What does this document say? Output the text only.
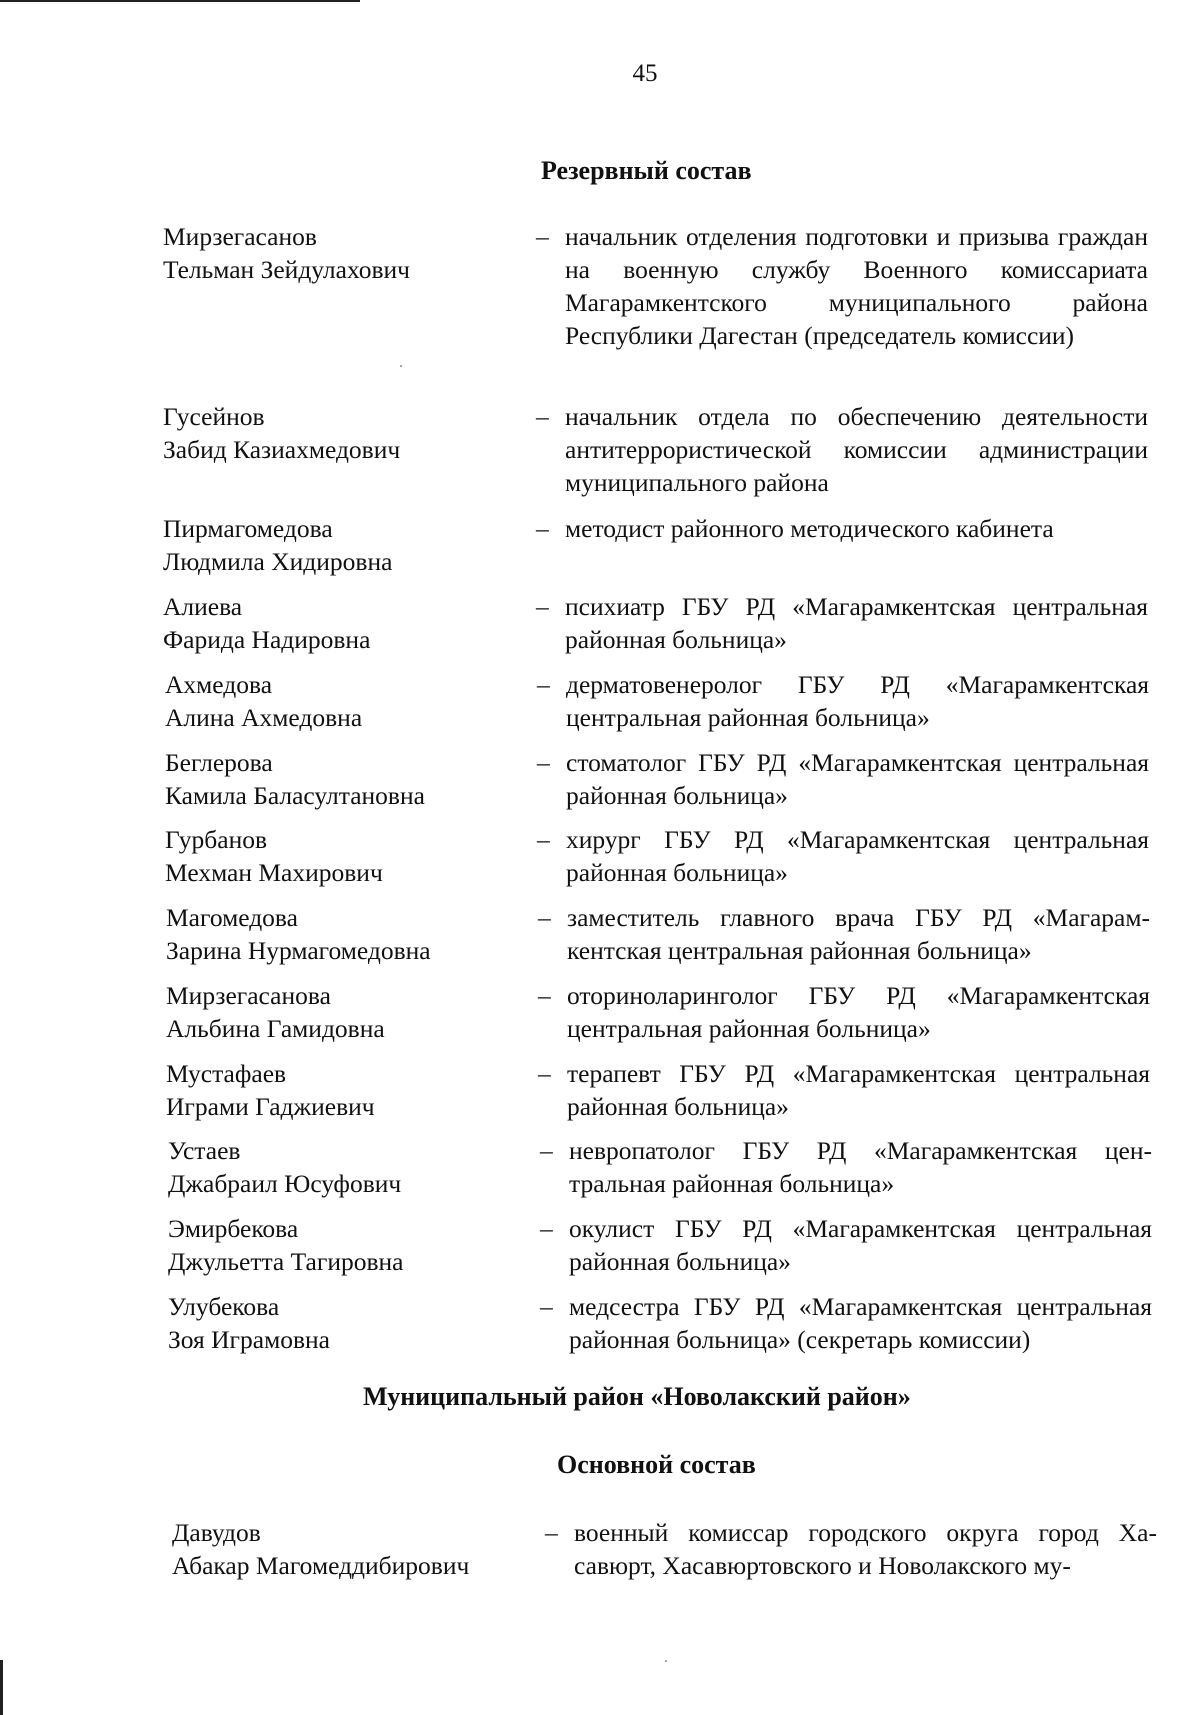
45
Резервный состав
Мирзегасанов
Тельман Зейдулахович
– начальник отделения подготовки и призыва граждан на военную службу Военного комиссариата Магарамкентского муниципального района Республики Дагестан (председатель комиссии)
Гусейнов
Забид Казиахмедович
– начальник отдела по обеспечению деятельности антитеррористической комиссии администрации муниципального района
Пирмагомедова
Людмила Хидировна
– методист районного методического кабинета
Алиева
Фарида Надировна
– психиатр ГБУ РД «Магарамкентская центральная районная больница»
Ахмедова
Алина Ахмедовна
– дерматовенеролог ГБУ РД «Магарамкентская центральная районная больница»
Беглерова
Камила Баласултановна
– стоматолог ГБУ РД «Магарамкентская центральная районная больница»
Гурбанов
Мехман Махирович
– хирург ГБУ РД «Магарамкентская центральная районная больница»
Магомедова
Зарина Нурмагомедовна
– заместитель главного врача ГБУ РД «Магарамкентская центральная районная больница»
Мирзегасанова
Альбина Гамидовна
– оториноларинголог ГБУ РД «Магарамкентская центральная районная больница»
Мустафаев
Играми Гаджиевич
– терапевт ГБУ РД «Магарамкентская центральная районная больница»
Устаев
Джабраил Юсуфович
– невропатолог ГБУ РД «Магарамкентская центральная районная больница»
Эмирбекова
Джульетта Тагировна
– окулист ГБУ РД «Магарамкентская центральная районная больница»
Улубекова
Зоя Играмовна
– медсестра ГБУ РД «Магарамкентская центральная районная больница» (секретарь комиссии)
Муниципальный район «Новолакский район»
Основной состав
Давудов
Абакар Магомеддибирович
– военный комиссар городского округа город Хасавюрт, Хасавюртовского и Новолакского му-
